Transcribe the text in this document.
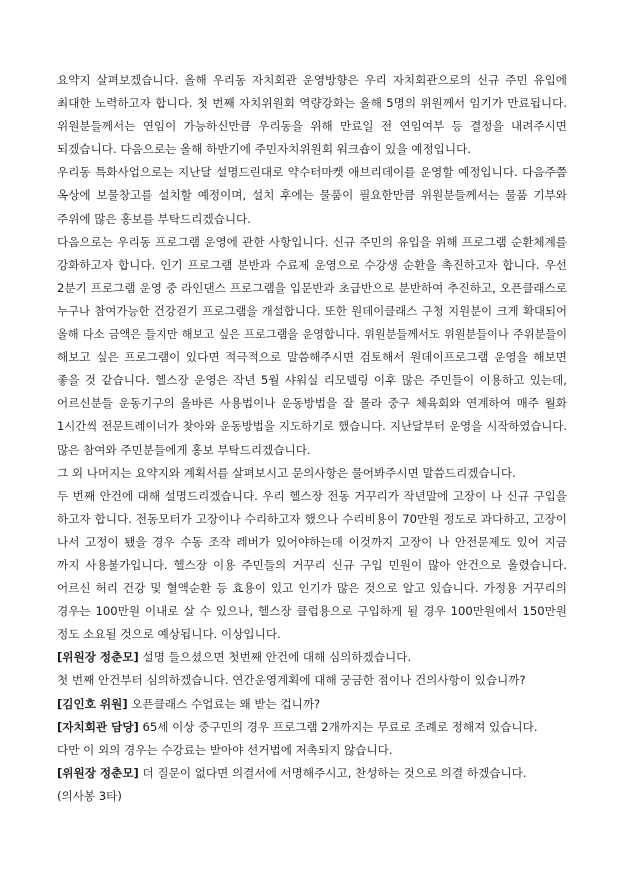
요약지 살펴보겠습니다. 올해 우리동 자치회관 운영방향은 우리 자치회관으로의 신규 주민 유입에
최대한 노력하고자 합니다. 첫 번째 자치위원회 역량강화는 올해 5명의 위원께서 임기가 만료됩니다.
위원분들께서는 연임이 가능하신만큼 우리동을 위해 만료일 전 연임여부 등 결정을 내려주시면
되겠습니다. 다음으로는 올해 하반기에 주민자치위원회 워크숍이 있을 예정입니다.
우리동 특화사업으로는 지난달 설명드린대로 약수터마켓 애브리데이를 운영할 예정입니다. 다음주쯤
옥상에 보물창고를 설치할 예정이며, 설치 후에는 물품이 필요한만큼 위원분들께서는 물품 기부와
주위에 많은 홍보를 부탁드리겠습니다.
다음으로는 우리동 프로그램 운영에 관한 사항입니다. 신규 주민의 유입을 위해 프로그램 순환체계를
강화하고자 합니다. 인기 프로그램 분반과 수료제 운영으로 수강생 순환을 촉진하고자 합니다. 우선
2분기 프로그램 운영 중 라인댄스 프로그램을 입문반과 초급반으로 분반하여 추진하고, 오픈클래스로
누구나 참여가능한 건강걷기 프로그램을 개설합니다. 또한 원데이클래스 구청 지원분이 크게 확대되어
올해 다소 금액은 들지만 해보고 싶은 프로그램을 운영합니다. 위원분들께서도 위원분들이나 주위분들이
해보고 싶은 프로그램이 있다면 적극적으로 말씀해주시면 검토해서 원데이프로그램 운영을 해보면
좋을 것 같습니다. 헬스장 운영은 작년 5월 샤워실 리모델링 이후 많은 주민들이 이용하고 있는데,
어르신분들 운동기구의 올바른 사용법이나 운동방법을 잘 몰라 중구 체육회와 연계하여 매주 월화
1시간씩 전문트레이너가 찾아와 운동방법을 지도하기로 했습니다. 지난달부터 운영을 시작하였습니다.
많은 참여와 주민분들에게 홍보 부탁드리겠습니다.
그 외 나머지는 요약지와 계획서를 살펴보시고 문의사항은 물어봐주시면 말씀드리겠습니다.
두 번째 안건에 대해 설명드리겠습니다. 우리 헬스장 전동 거꾸리가 작년말에 고장이 나 신규 구입을
하고자 합니다. 전동모터가 고장이나 수리하고자 했으나 수리비용이 70만원 정도로 과다하고, 고장이
나서 고정이 됐을 경우 수동 조작 레버가 있어야하는데 이것까지 고장이 나 안전문제도 있어 지금
까지 사용불가입니다. 헬스장 이용 주민들의 거꾸리 신규 구입 민원이 많아 안건으로 올렸습니다.
어르신 허리 건강 및 혈액순환 등 효용이 있고 인기가 많은 것으로 알고 있습니다. 가정용 거꾸리의
경우는 100만원 이내로 살 수 있으나, 헬스장 클럽용으로 구입하게 될 경우 100만원에서 150만원
정도 소요될 것으로 예상됩니다. 이상입니다.
[위원장 정춘모] 설명 들으셨으면 첫번째 안건에 대해 심의하겠습니다.
첫 번째 안건부터 심의하겠습니다. 연간운영계획에 대해 궁금한 점이나 건의사항이 있습니까?
[김인호 위원] 오픈클래스 수업료는 왜 받는 겁니까?
[자치회관 담당] 65세 이상 중구민의 경우 프로그램 2개까지는 무료로 조례로 정해져 있습니다.
다만 이 외의 경우는 수강료는 받아야 선거법에 저촉되지 않습니다.
[위원장 정춘모] 더 질문이 없다면 의결서에 서명해주시고, 찬성하는 것으로 의결 하겠습니다.
(의사봉 3타)
